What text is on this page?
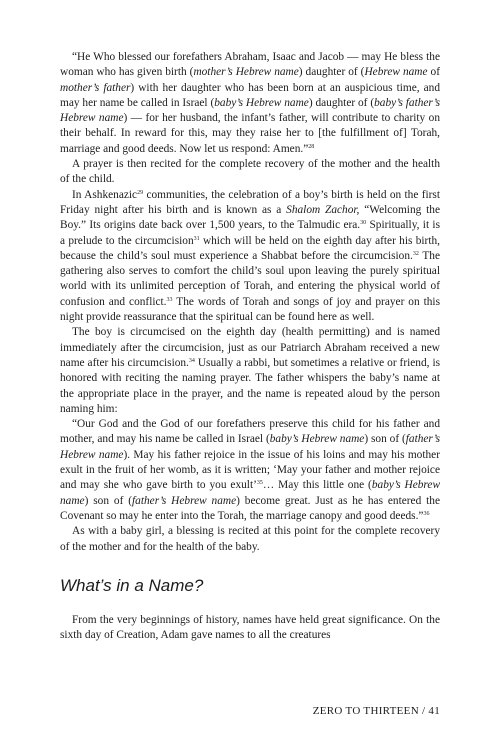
“He Who blessed our forefathers Abraham, Isaac and Jacob — may He bless the woman who has given birth (mother’s Hebrew name) daughter of (Hebrew name of mother’s father) with her daughter who has been born at an auspicious time, and may her name be called in Israel (baby’s Hebrew name) daughter of (baby’s father’s Hebrew name) — for her husband, the infant’s father, will contribute to charity on their behalf. In reward for this, may they raise her to [the fulfillment of] Torah, marriage and good deeds. Now let us respond: Amen.”$^{28}$

A prayer is then recited for the complete recovery of the mother and the health of the child.

In Ashkenazic$^{29}$ communities, the celebration of a boy’s birth is held on the first Friday night after his birth and is known as a Shalom Zachor, “Welcoming the Boy.” Its origins date back over 1,500 years, to the Talmudic era.$^{30}$ Spiritually, it is a prelude to the circumcision$^{31}$ which will be held on the eighth day after his birth, because the child’s soul must experience a Shabbat before the circumcision.$^{32}$ The gathering also serves to comfort the child’s soul upon leaving the purely spiritual world with its unlimited perception of Torah, and entering the physical world of confusion and conflict.$^{33}$ The words of Torah and songs of joy and prayer on this night provide reassurance that the spiritual can be found here as well.

The boy is circumcised on the eighth day (health permitting) and is named immediately after the circumcision, just as our Patriarch Abraham received a new name after his circumcision.$^{34}$ Usually a rabbi, but sometimes a relative or friend, is honored with reciting the naming prayer. The father whispers the baby’s name at the appropriate place in the prayer, and the name is repeated aloud by the person naming him:

“Our God and the God of our forefathers preserve this child for his father and mother, and may his name be called in Israel (baby’s Hebrew name) son of (father’s Hebrew name). May his father rejoice in the issue of his loins and may his mother exult in the fruit of her womb, as it is written; ‘May your father and mother rejoice and may she who gave birth to you exult’$^{35}$… May this little one (baby’s Hebrew name) son of (father’s Hebrew name) become great. Just as he has entered the Covenant so may he enter into the Torah, the marriage canopy and good deeds.”$^{36}$

As with a baby girl, a blessing is recited at this point for the complete recovery of the mother and for the health of the baby.

What’s in a Name?

From the very beginnings of history, names have held great significance. On the sixth day of Creation, Adam gave names to all the creatures

ZERO TO THIRTEEN / 41
